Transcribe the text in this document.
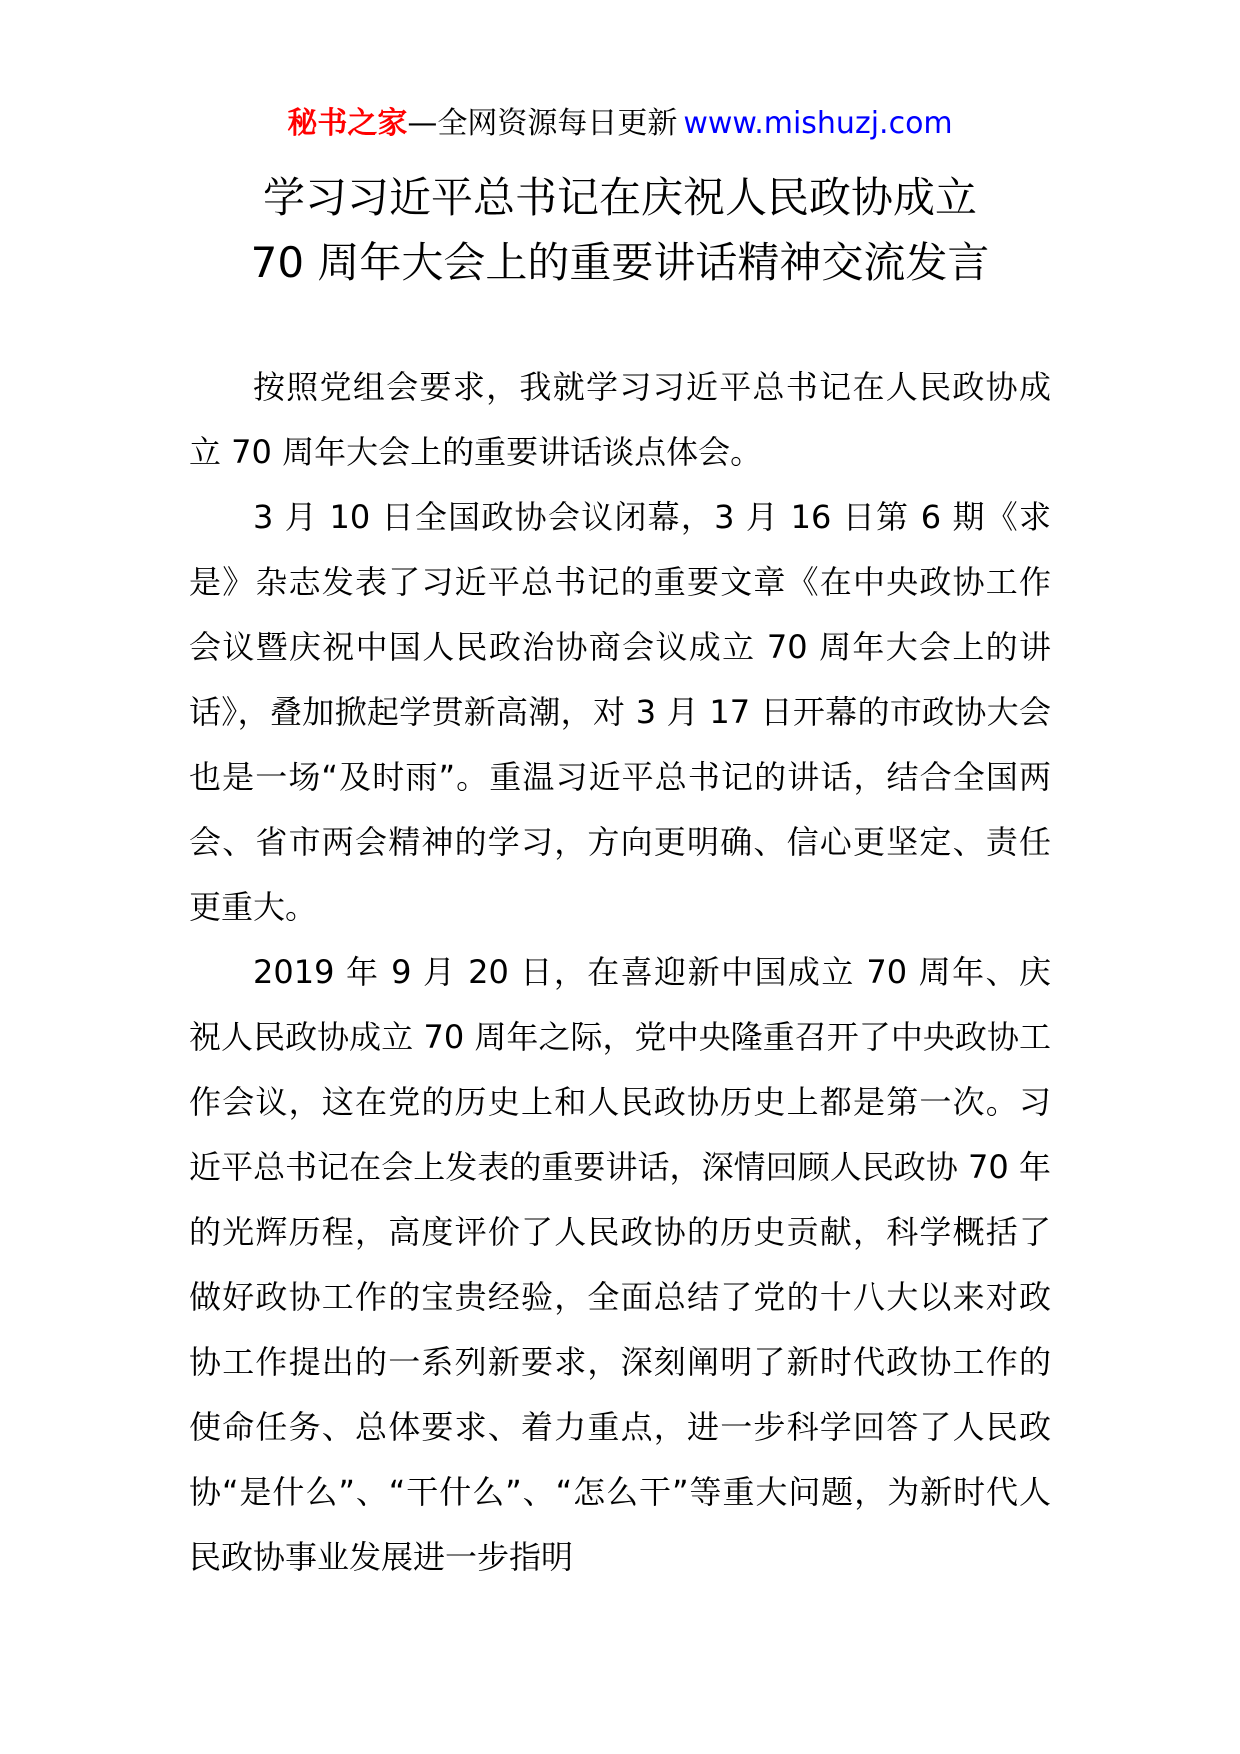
秘书之家—全网资源每日更新 www.mishuzj.com
学习习近平总书记在庆祝人民政协成立
70 周年大会上的重要讲话精神交流发言

按照党组会要求，我就学习习近平总书记在人民政协成立 70 周年大会上的重要讲话谈点体会。

3 月 10 日全国政协会议闭幕，3 月 16 日第 6 期《求是》杂志发表了习近平总书记的重要文章《在中央政协工作会议暨庆祝中国人民政治协商会议成立 70 周年大会上的讲话》，叠加掀起学贯新高潮，对 3 月 17 日开幕的市政协大会也是一场“及时雨”。重温习近平总书记的讲话，结合全国两会、省市两会精神的学习，方向更明确、信心更坚定、责任更重大。

2019 年 9 月 20 日，在喜迎新中国成立 70 周年、庆祝人民政协成立 70 周年之际，党中央隆重召开了中央政协工作会议，这在党的历史上和人民政协历史上都是第一次。习近平总书记在会上发表的重要讲话，深情回顾人民政协 70 年的光辉历程，高度评价了人民政协的历史贡献，科学概括了做好政协工作的宝贵经验，全面总结了党的十八大以来对政协工作提出的一系列新要求，深刻阐明了新时代政协工作的使命任务、总体要求、着力重点，进一步科学回答了人民政协“是什么”、“干什么”、“怎么干”等重大问题，为新时代人民政协事业发展进一步指明
